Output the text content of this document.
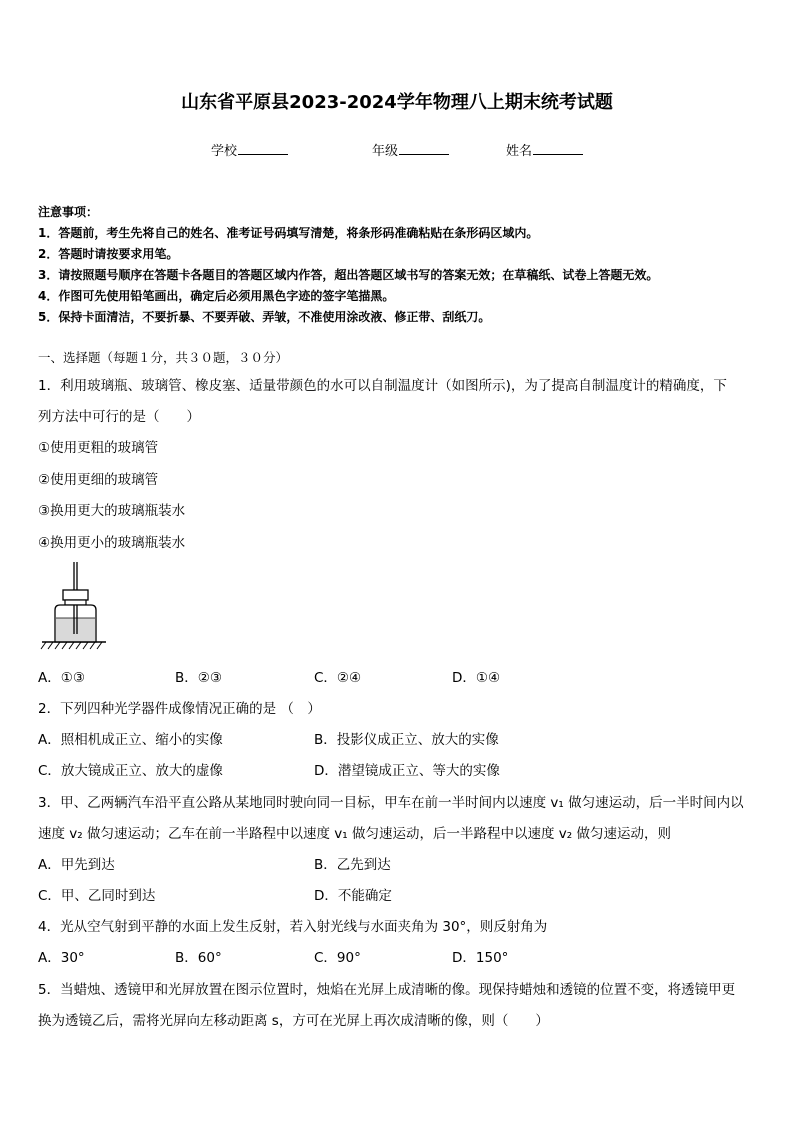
山东省平原县2023-2024学年物理八上期末统考试题
学校	年级	姓名
注意事项：
1．答题前，考生先将自己的姓名、准考证号码填写清楚，将条形码准确粘贴在条形码区域内。
2．答题时请按要求用笔。
3．请按照题号顺序在答题卡各题目的答题区域内作答，超出答题区域书写的答案无效；在草稿纸、试卷上答题无效。
4．作图可先使用铅笔画出，确定后必须用黑色字迹的签字笔描黑。
5．保持卡面清洁，不要折暴、不要弄破、弄皱，不准使用涂改液、修正带、刮纸刀。
一、选择题（每题１分，共３０题，３０分）
1．利用玻璃瓶、玻璃管、橡皮塞、适量带颜色的水可以自制温度计（如图所示)，为了提高自制温度计的精确度，下
列方法中可行的是（　　）
①使用更粗的玻璃管
②使用更细的玻璃管
③换用更大的玻璃瓶装水
④换用更小的玻璃瓶装水
A．①③	B．②③	C．②④	D．①④
2．下列四种光学器件成像情况正确的是 （　）
A．照相机成正立、缩小的实像	B．投影仪成正立、放大的实像
C．放大镜成正立、放大的虚像	D．潜望镜成正立、等大的实像
3．甲、乙两辆汽车沿平直公路从某地同时驶向同一目标，甲车在前一半时间内以速度 v₁ 做匀速运动，后一半时间内以
速度 v₂ 做匀速运动；乙车在前一半路程中以速度 v₁ 做匀速运动，后一半路程中以速度 v₂ 做匀速运动，则
A．甲先到达	B．乙先到达
C．甲、乙同时到达	D．不能确定
4．光从空气射到平静的水面上发生反射，若入射光线与水面夹角为 30°，则反射角为
A．30°	B．60°	C．90°	D．150°
5．当蜡烛、透镜甲和光屏放置在图示位置时，烛焰在光屏上成清晰的像。现保持蜡烛和透镜的位置不变，将透镜甲更
换为透镜乙后，需将光屏向左移动距离 s，方可在光屏上再次成清晰的像，则（　　）
